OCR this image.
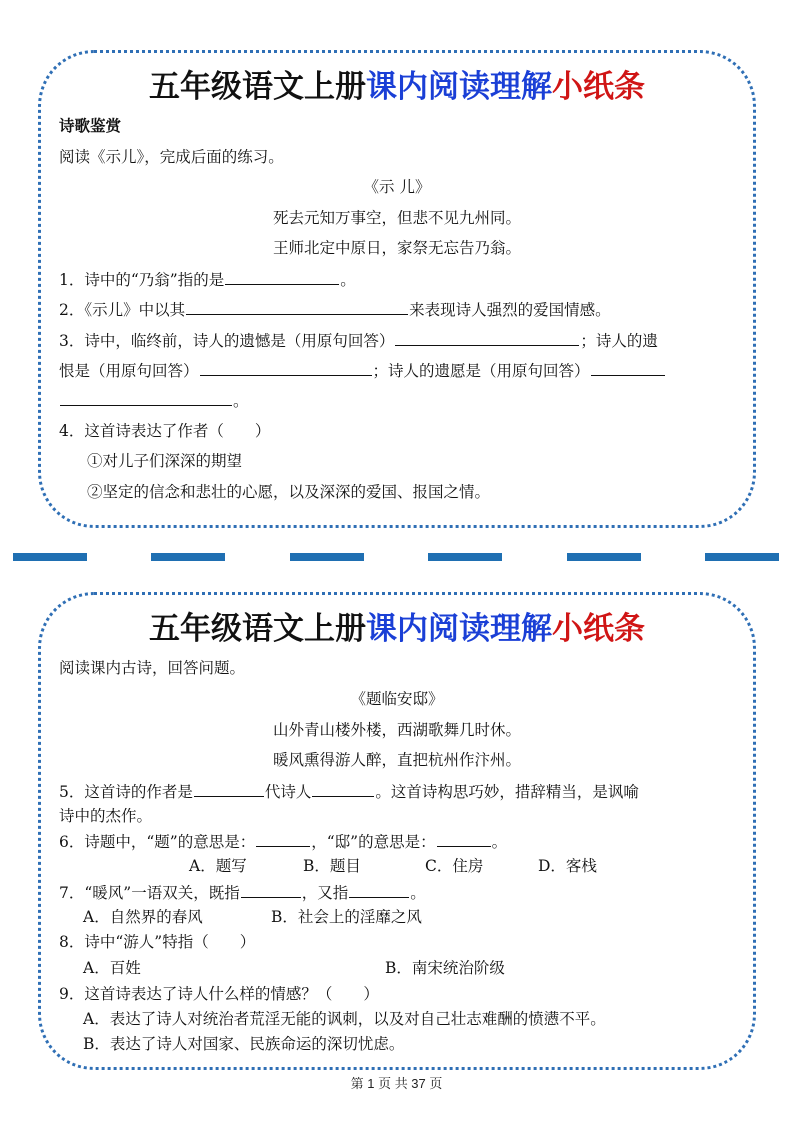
五年级语文上册课内阅读理解小纸条
诗歌鉴赏
阅读《示儿》，完成后面的练习。
《示 儿》
死去元知万事空，但悲不见九州同。
王师北定中原日，家祭无忘告乃翁。
1．诗中的“乃翁”指的是	。
2．《示儿》中以其	来表现诗人强烈的爱国情感。
3．诗中，临终前，诗人的遗憾是（用原句回答）	；诗人的遗
恨是（用原句回答）	；诗人的遗愿是（用原句回答）
。
4．这首诗表达了作者（　　）
①对儿子们深深的期望
②坚定的信念和悲壮的心愿，以及深深的爱国、报国之情。
五年级语文上册课内阅读理解小纸条
阅读课内古诗，回答问题。
《题临安邸》
山外青山楼外楼，西湖歌舞几时休。
暖风熏得游人醉，直把杭州作汴州。
5．这首诗的作者是	代诗人	。这首诗构思巧妙，措辞精当，是讽喻
诗中的杰作。
6．诗题中，“题”的意思是：	，“邸”的意思是：	。
A．题写	B．题目	C．住房	D．客栈
7．“暖风”一语双关，既指	，又指	。
A．自然界的春风	B．社会上的淫靡之风
8．诗中“游人”特指（　　）
A．百姓	B．南宋统治阶级
9．这首诗表达了诗人什么样的情感？（　　）
A．表达了诗人对统治者荒淫无能的讽刺，以及对自己壮志难酬的愤懑不平。
B．表达了诗人对国家、民族命运的深切忧虑。
第 1 页 共 37 页
